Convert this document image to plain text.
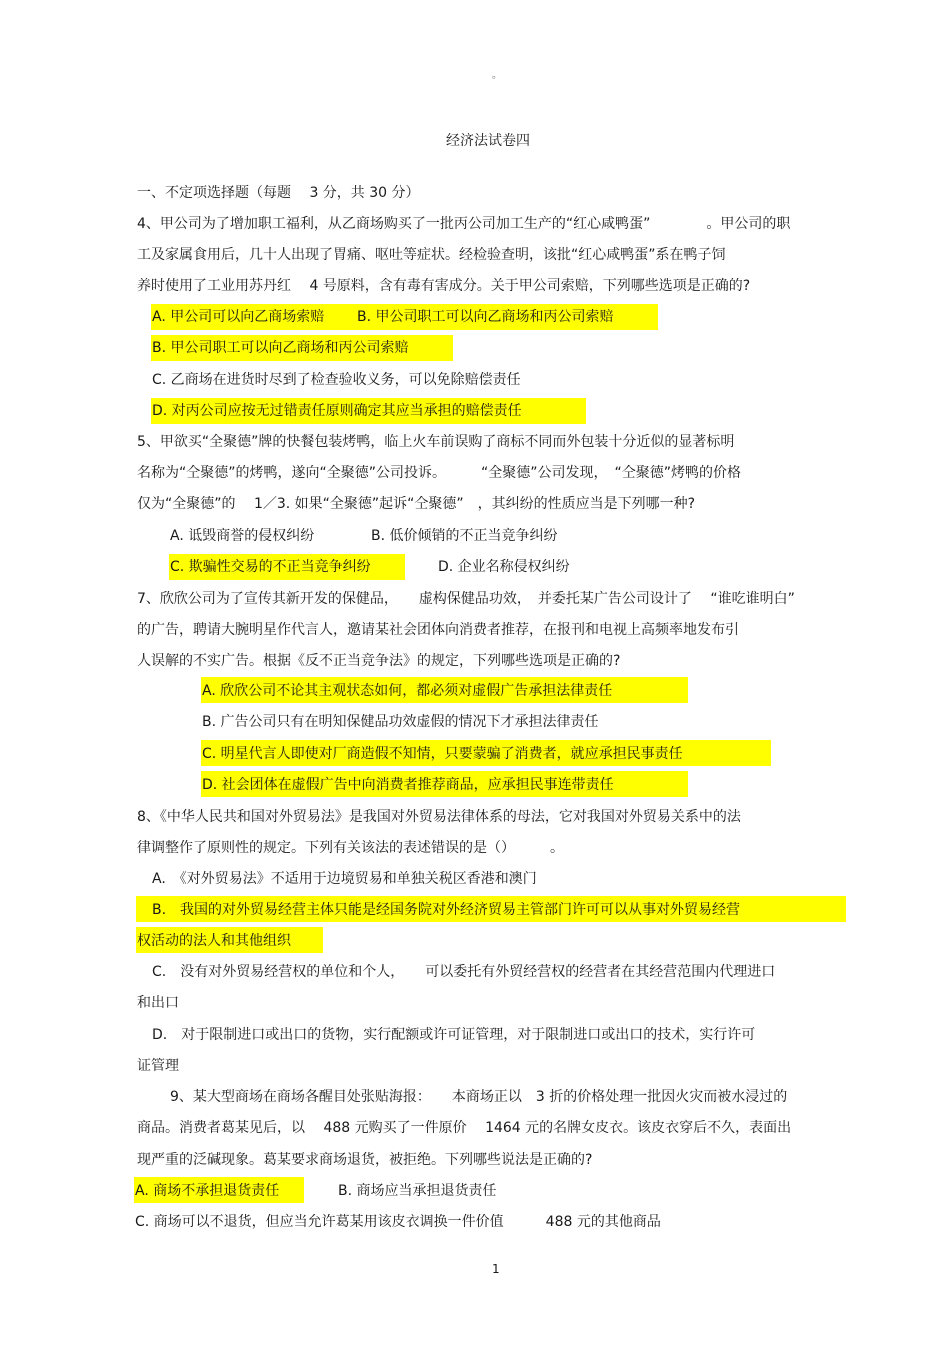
。
经济法试卷四
一、不定项选择题（每题　 3 分，共 30 分）
4、甲公司为了增加职工福利，从乙商场购买了一批丙公司加工生产的“红心咸鸭蛋”　　　　。甲公司的职
工及家属食用后，几十人出现了胃痛、呕吐等症状。经检验查明，该批“红心咸鸭蛋”系在鸭子饲
养时使用了工业用苏丹红　 4 号原料，含有毒有害成分。关于甲公司索赔，下列哪些选项是正确的?
A. 甲公司可以向乙商场索赔 B. 甲公司职工可以向乙商场和丙公司索赔
B. 甲公司职工可以向乙商场和丙公司索赔
C. 乙商场在进货时尽到了检查验收义务，可以免除赔偿责任
D. 对丙公司应按无过错责任原则确定其应当承担的赔偿责任
5、甲欲买“全聚德”牌的快餐包装烤鸭，临上火车前误购了商标不同而外包装十分近似的显著标明
名称为“仝聚德”的烤鸭，遂向“全聚德”公司投诉。　　　“全聚德”公司发现，　“仝聚德”烤鸭的价格
仅为“全聚德”的　 1／3. 如果“全聚德”起诉“仝聚德”　，其纠纷的性质应当是下列哪一种?
A. 诋毁商誉的侵权纠纷	B. 低价倾销的不正当竞争纠纷
C. 欺骗性交易的不正当竞争纠纷	D. 企业名称侵权纠纷
7、欣欣公司为了宣传其新开发的保健品，　　虚构保健品功效，　并委托某广告公司设计了　 “谁吃谁明白”
的广告，聘请大腕明星作代言人，邀请某社会团体向消费者推荐，在报刊和电视上高频率地发布引
人误解的不实广告。根据《反不正当竞争法》的规定，下列哪些选项是正确的?
A. 欣欣公司不论其主观状态如何，都必须对虚假广告承担法律责任
B. 广告公司只有在明知保健品功效虚假的情况下才承担法律责任
C. 明星代言人即使对厂商造假不知情，只要蒙骗了消费者，就应承担民事责任
D. 社会团体在虚假广告中向消费者推荐商品，应承担民事连带责任
8、《中华人民共和国对外贸易法》是我国对外贸易法律体系的母法，它对我国对外贸易关系中的法
律调整作了原则性的规定。下列有关该法的表述错误的是（）　　　。
A.　《对外贸易法》不适用于边境贸易和单独关税区香港和澳门
B.　我国的对外贸易经营主体只能是经国务院对外经济贸易主管部门许可可以从事对外贸易经营
权活动的法人和其他组织
C.　没有对外贸易经营权的单位和个人，　　可以委托有外贸经营权的经营者在其经营范围内代理进口
和出口
D.　对于限制进口或出口的货物，实行配额或许可证管理，对于限制进口或出口的技术，实行许可
证管理
9、某大型商场在商场各醒目处张贴海报：　　本商场正以　3 折的价格处理一批因火灾而被水浸过的
商品。消费者葛某见后，以　 488 元购买了一件原价　 1464 元的名牌女皮衣。该皮衣穿后不久，表面出
现严重的泛碱现象。葛某要求商场退货，被拒绝。下列哪些说法是正确的?
A. 商场不承担退货责任	B. 商场应当承担退货责任
C. 商场可以不退货，但应当允许葛某用该皮衣调换一件价值　　　488 元的其他商品
1
